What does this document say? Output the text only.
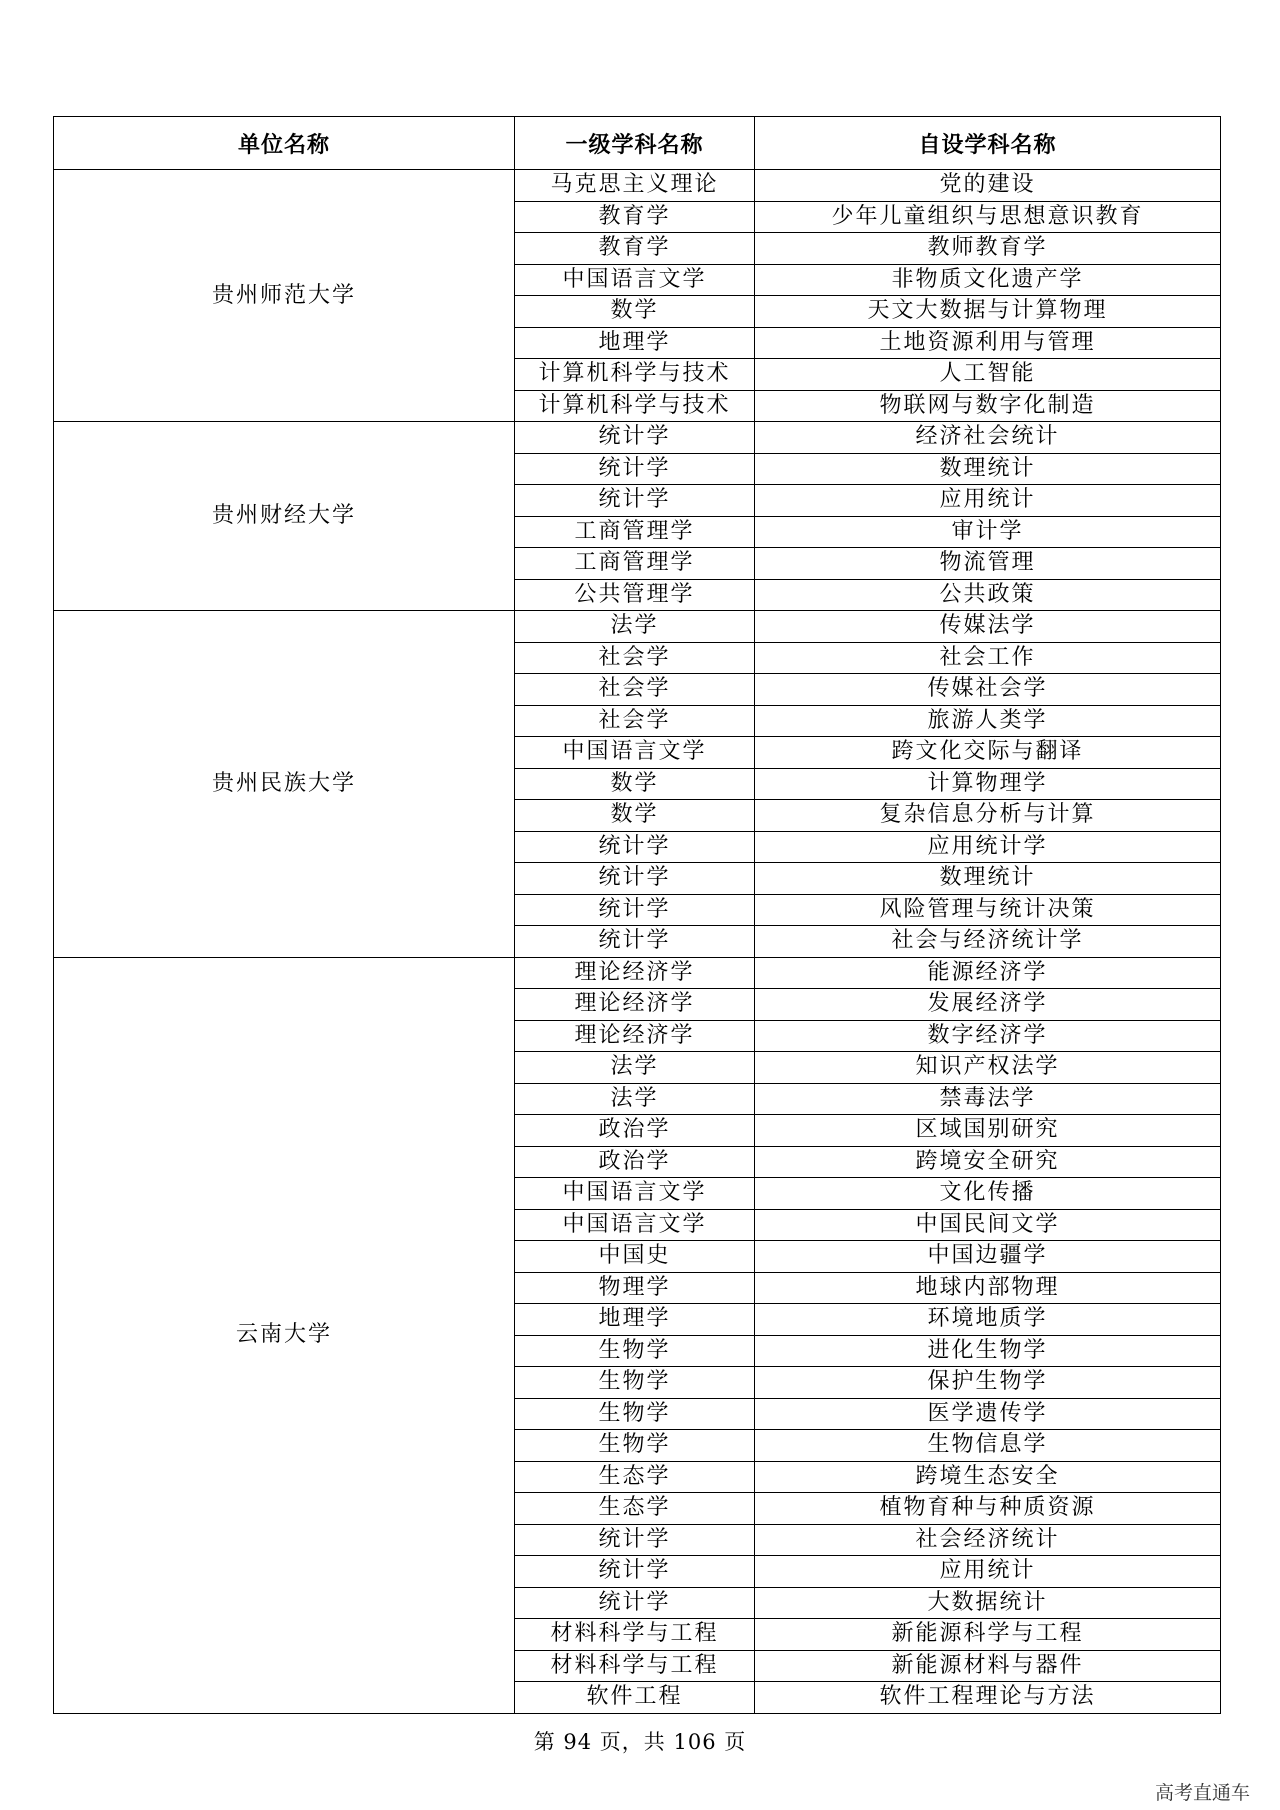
单位名称	一级学科名称	自设学科名称
贵州师范大学	马克思主义理论	党的建设
	教育学	少年儿童组织与思想意识教育
	教育学	教师教育学
	中国语言文学	非物质文化遗产学
	数学	天文大数据与计算物理
	地理学	土地资源利用与管理
	计算机科学与技术	人工智能
	计算机科学与技术	物联网与数字化制造
贵州财经大学	统计学	经济社会统计
	统计学	数理统计
	统计学	应用统计
	工商管理学	审计学
	工商管理学	物流管理
	公共管理学	公共政策
贵州民族大学	法学	传媒法学
	社会学	社会工作
	社会学	传媒社会学
	社会学	旅游人类学
	中国语言文学	跨文化交际与翻译
	数学	计算物理学
	数学	复杂信息分析与计算
	统计学	应用统计学
	统计学	数理统计
	统计学	风险管理与统计决策
	统计学	社会与经济统计学
云南大学	理论经济学	能源经济学
	理论经济学	发展经济学
	理论经济学	数字经济学
	法学	知识产权法学
	法学	禁毒法学
	政治学	区域国别研究
	政治学	跨境安全研究
	中国语言文学	文化传播
	中国语言文学	中国民间文学
	中国史	中国边疆学
	物理学	地球内部物理
	地理学	环境地质学
	生物学	进化生物学
	生物学	保护生物学
	生物学	医学遗传学
	生物学	生物信息学
	生态学	跨境生态安全
	生态学	植物育种与种质资源
	统计学	社会经济统计
	统计学	应用统计
	统计学	大数据统计
	材料科学与工程	新能源科学与工程
	材料科学与工程	新能源材料与器件
	软件工程	软件工程理论与方法
第 94 页，共 106 页
高考直通车
